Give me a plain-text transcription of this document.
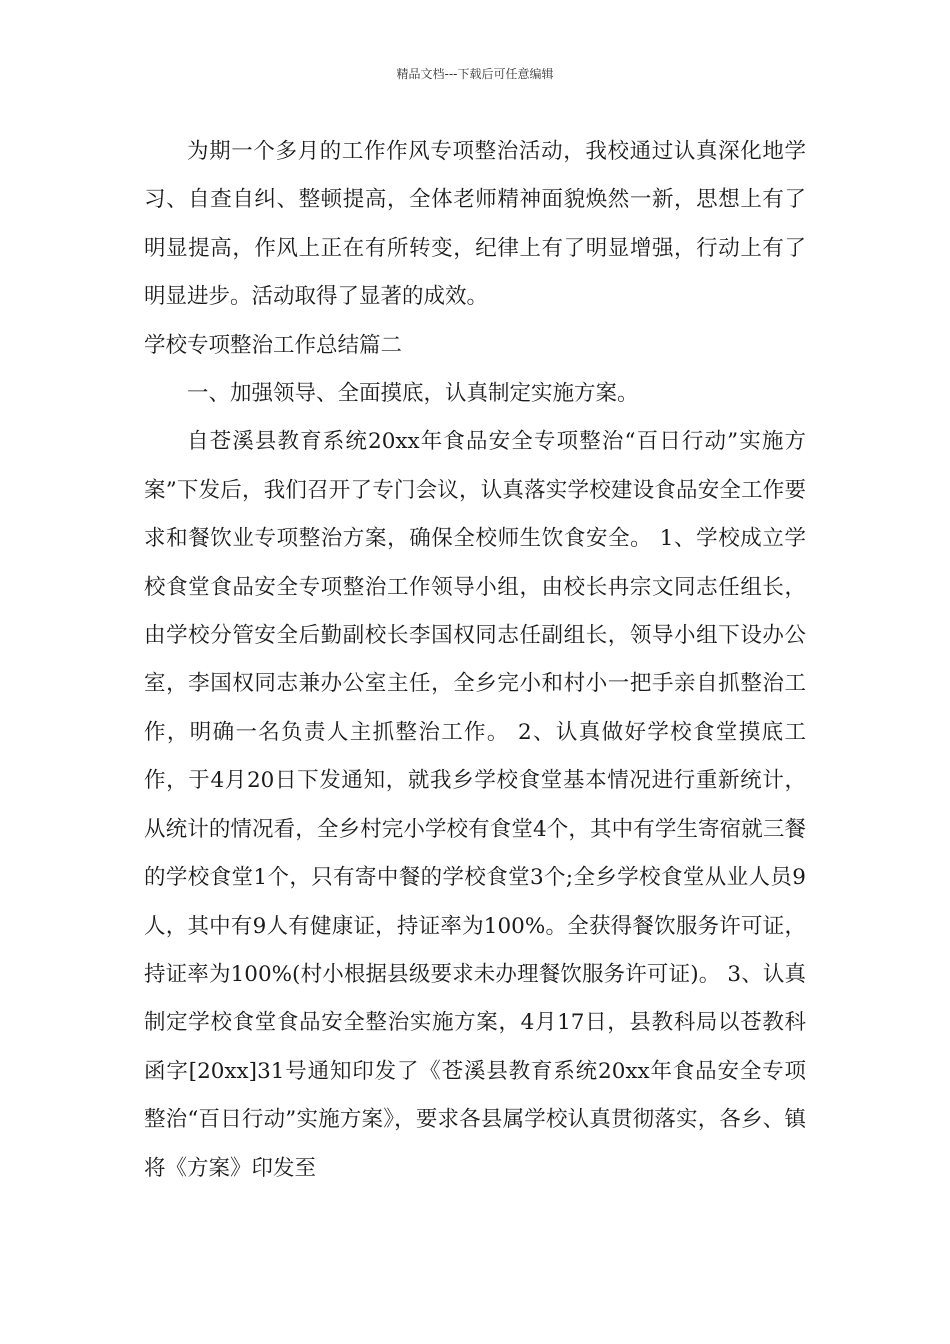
精品文档---下载后可任意编辑

为期一个多月的工作作风专项整治活动，我校通过认真深化地学习、自查自纠、整顿提高，全体老师精神面貌焕然一新，思想上有了明显提高，作风上正在有所转变，纪律上有了明显增强，行动上有了明显进步。活动取得了显著的成效。

学校专项整治工作总结篇二

一、加强领导、全面摸底，认真制定实施方案。

自苍溪县教育系统20xx年食品安全专项整治“百日行动”实施方案”下发后，我们召开了专门会议，认真落实学校建设食品安全工作要求和餐饮业专项整治方案，确保全校师生饮食安全。 1、学校成立学校食堂食品安全专项整治工作领导小组，由校长冉宗文同志任组长，由学校分管安全后勤副校长李国权同志任副组长，领导小组下设办公室，李国权同志兼办公室主任，全乡完小和村小一把手亲自抓整治工作，明确一名负责人主抓整治工作。 2、认真做好学校食堂摸底工作，于4月20日下发通知，就我乡学校食堂基本情况进行重新统计，从统计的情况看，全乡村完小学校有食堂4个，其中有学生寄宿就三餐的学校食堂1个，只有寄中餐的学校食堂3个;全乡学校食堂从业人员9人，其中有9人有健康证，持证率为100%。全获得餐饮服务许可证，持证率为100%(村小根据县级要求未办理餐饮服务许可证)。 3、认真制定学校食堂食品安全整治实施方案，4月17日，县教科局以苍教科函字[20xx]31号通知印发了《苍溪县教育系统20xx年食品安全专项整治“百日行动”实施方案》，要求各县属学校认真贯彻落实，各乡、镇将《方案》印发至
